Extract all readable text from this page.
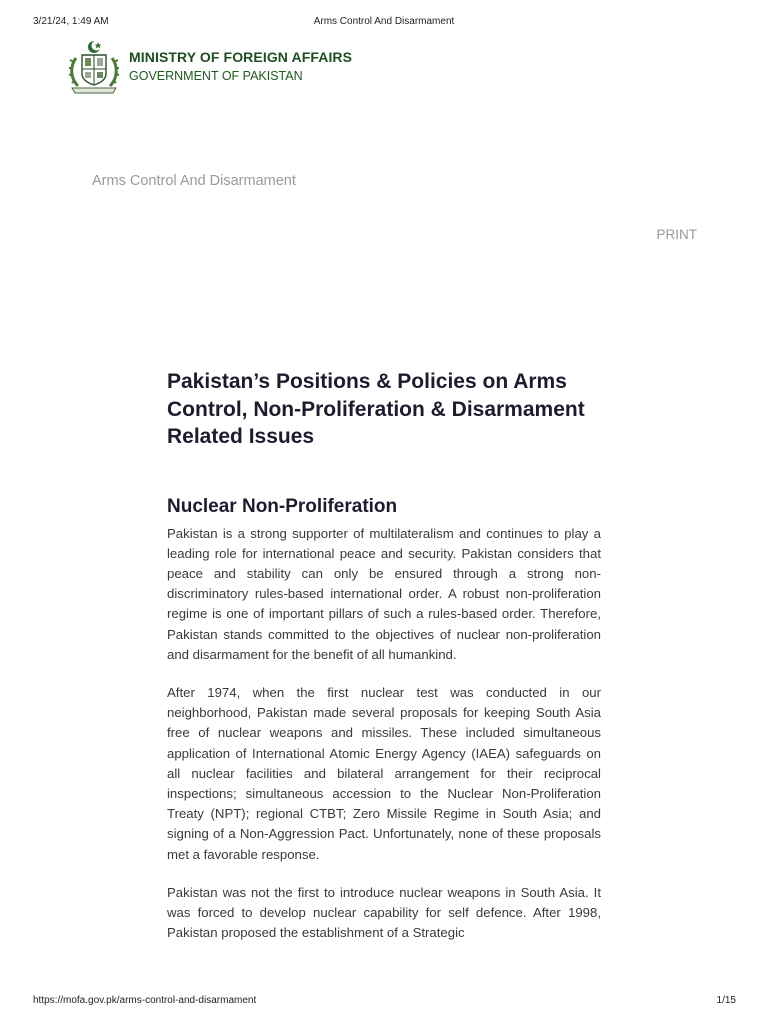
3/21/24, 1:49 AM	Arms Control And Disarmament
MINISTRY OF FOREIGN AFFAIRS
GOVERNMENT OF PAKISTAN
Arms Control And Disarmament
PRINT
Pakistan’s Positions & Policies on Arms Control, Non-Proliferation & Disarmament Related Issues
Nuclear Non-Proliferation

Pakistan is a strong supporter of multilateralism and continues to play a leading role for international peace and security. Pakistan considers that peace and stability can only be ensured through a strong non-discriminatory rules-based international order. A robust non-proliferation regime is one of important pillars of such a rules-based order. Therefore, Pakistan stands committed to the objectives of nuclear non-proliferation and disarmament for the benefit of all humankind.

After 1974, when the first nuclear test was conducted in our neighborhood, Pakistan made several proposals for keeping South Asia free of nuclear weapons and missiles. These included simultaneous application of International Atomic Energy Agency (IAEA) safeguards on all nuclear facilities and bilateral arrangement for their reciprocal inspections; simultaneous accession to the Nuclear Non-Proliferation Treaty (NPT); regional CTBT; Zero Missile Regime in South Asia; and signing of a Non-Aggression Pact. Unfortunately, none of these proposals met a favorable response.

Pakistan was not the first to introduce nuclear weapons in South Asia. It was forced to develop nuclear capability for self defence. After 1998, Pakistan proposed the establishment of a Strategic

https://mofa.gov.pk/arms-control-and-disarmament	1/15
